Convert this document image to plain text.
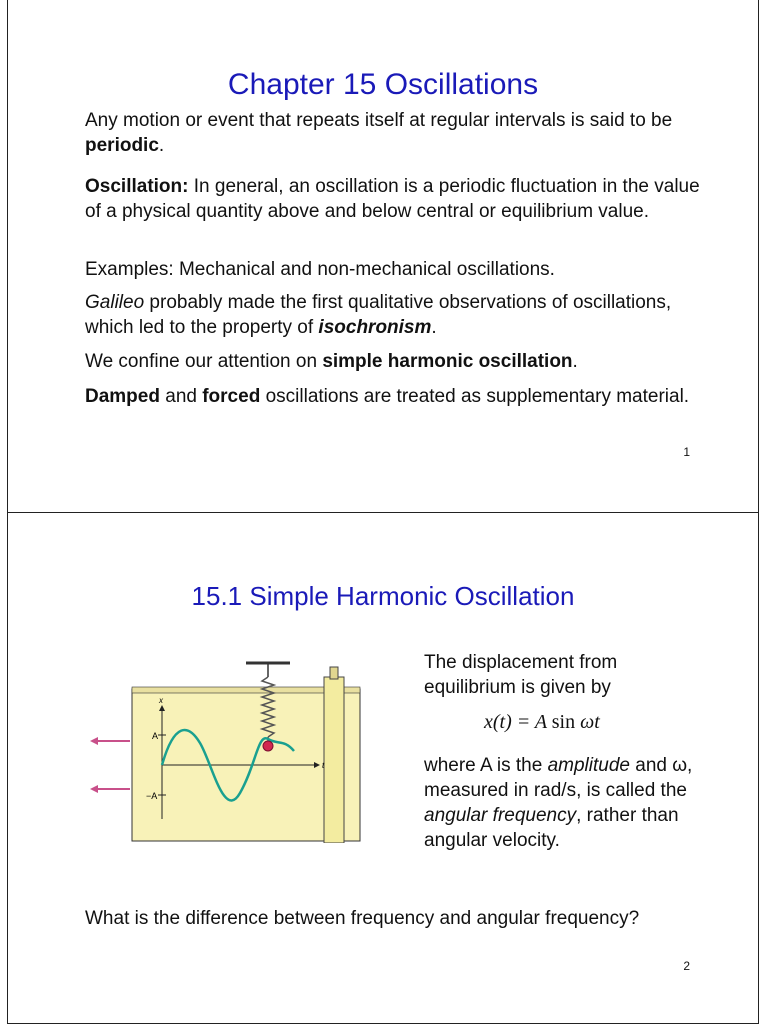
Chapter 15 Oscillations

Any motion or event that repeats itself at regular intervals is said to be periodic.

Oscillation: In general, an oscillation is a periodic fluctuation in the value of a physical quantity above and below central or equilibrium value.

Examples: Mechanical and non-mechanical oscillations.

Galileo probably made the first qualitative observations of oscillations, which led to the property of isochronism.

We confine our attention on simple harmonic oscillation.

Damped and forced oscillations are treated as supplementary material.

1
15.1 Simple Harmonic Oscillation
A
−A
x
t

The displacement from equilibrium is given by

x(t) = A sin ωt

where A is the amplitude and ω, measured in rad/s, is called the angular frequency, rather than angular velocity.

What is the difference between frequency and angular frequency?

2
